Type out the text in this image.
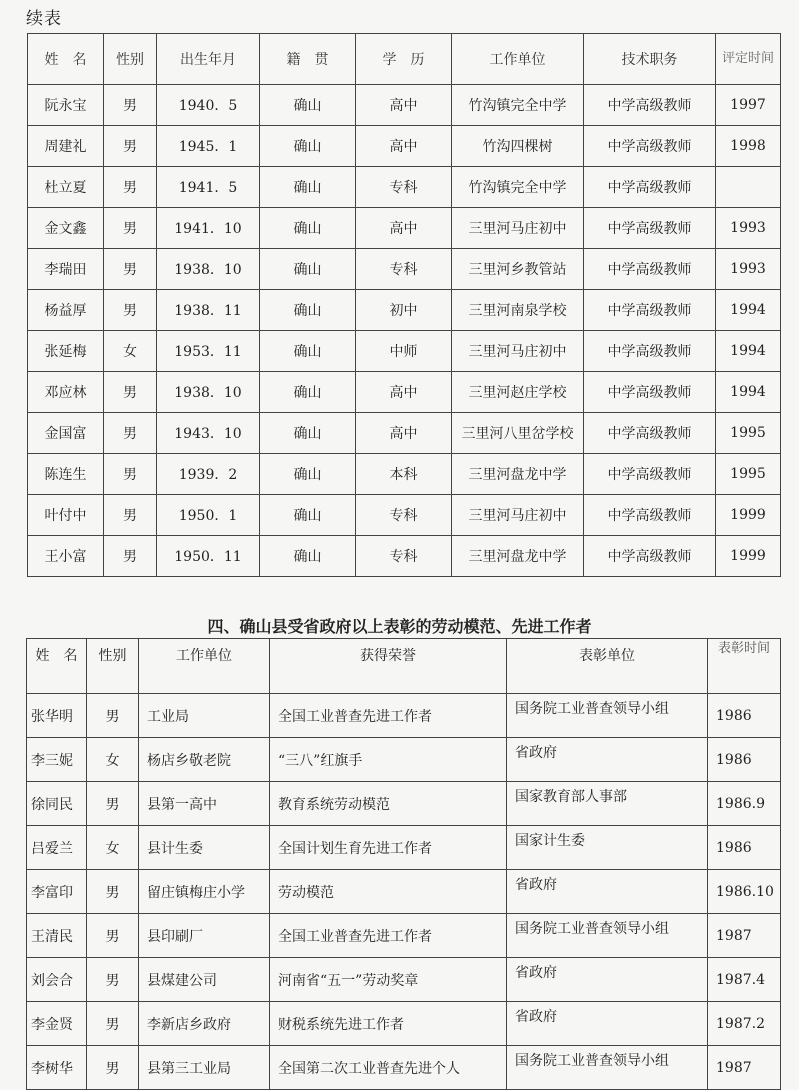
续表
姓　名	性别	出生年月	籍　贯	学　历	工作单位	技术职务	评定时间
阮永宝	男	1940．5	确山	高中	竹沟镇完全中学	中学高级教师	1997
周建礼	男	1945．1	确山	高中	竹沟四棵树	中学高级教师	1998
杜立夏	男	1941．5	确山	专科	竹沟镇完全中学	中学高级教师	
金文鑫	男	1941．10	确山	高中	三里河马庄初中	中学高级教师	1993
李瑞田	男	1938．10	确山	专科	三里河乡教管站	中学高级教师	1993
杨益厚	男	1938．11	确山	初中	三里河南泉学校	中学高级教师	1994
张延梅	女	1953．11	确山	中师	三里河马庄初中	中学高级教师	1994
邓应林	男	1938．10	确山	高中	三里河赵庄学校	中学高级教师	1994
金国富	男	1943．10	确山	高中	三里河八里岔学校	中学高级教师	1995
陈连生	男	1939．2	确山	本科	三里河盘龙中学	中学高级教师	1995
叶付中	男	1950．1	确山	专科	三里河马庄初中	中学高级教师	1999
王小富	男	1950．11	确山	专科	三里河盘龙中学	中学高级教师	1999
四、确山县受省政府以上表彰的劳动模范、先进工作者
姓　名	性别	工作单位	获得荣誉	表彰单位	表彰时间
张华明	男	工业局	全国工业普查先进工作者	国务院工业普查领导小组	1986
李三妮	女	杨店乡敬老院	“三八”红旗手	省政府	1986
徐同民	男	县第一高中	教育系统劳动模范	国家教育部人事部	1986.9
吕爱兰	女	县计生委	全国计划生育先进工作者	国家计生委	1986
李富印	男	留庄镇梅庄小学	劳动模范	省政府	1986.10
王清民	男	县印刷厂	全国工业普查先进工作者	国务院工业普查领导小组	1987
刘会合	男	县煤建公司	河南省“五一”劳动奖章	省政府	1987.4
李金贤	男	李新店乡政府	财税系统先进工作者	省政府	1987.2
李树华	男	县第三工业局	全国第二次工业普查先进个人	国务院工业普查领导小组	1987
